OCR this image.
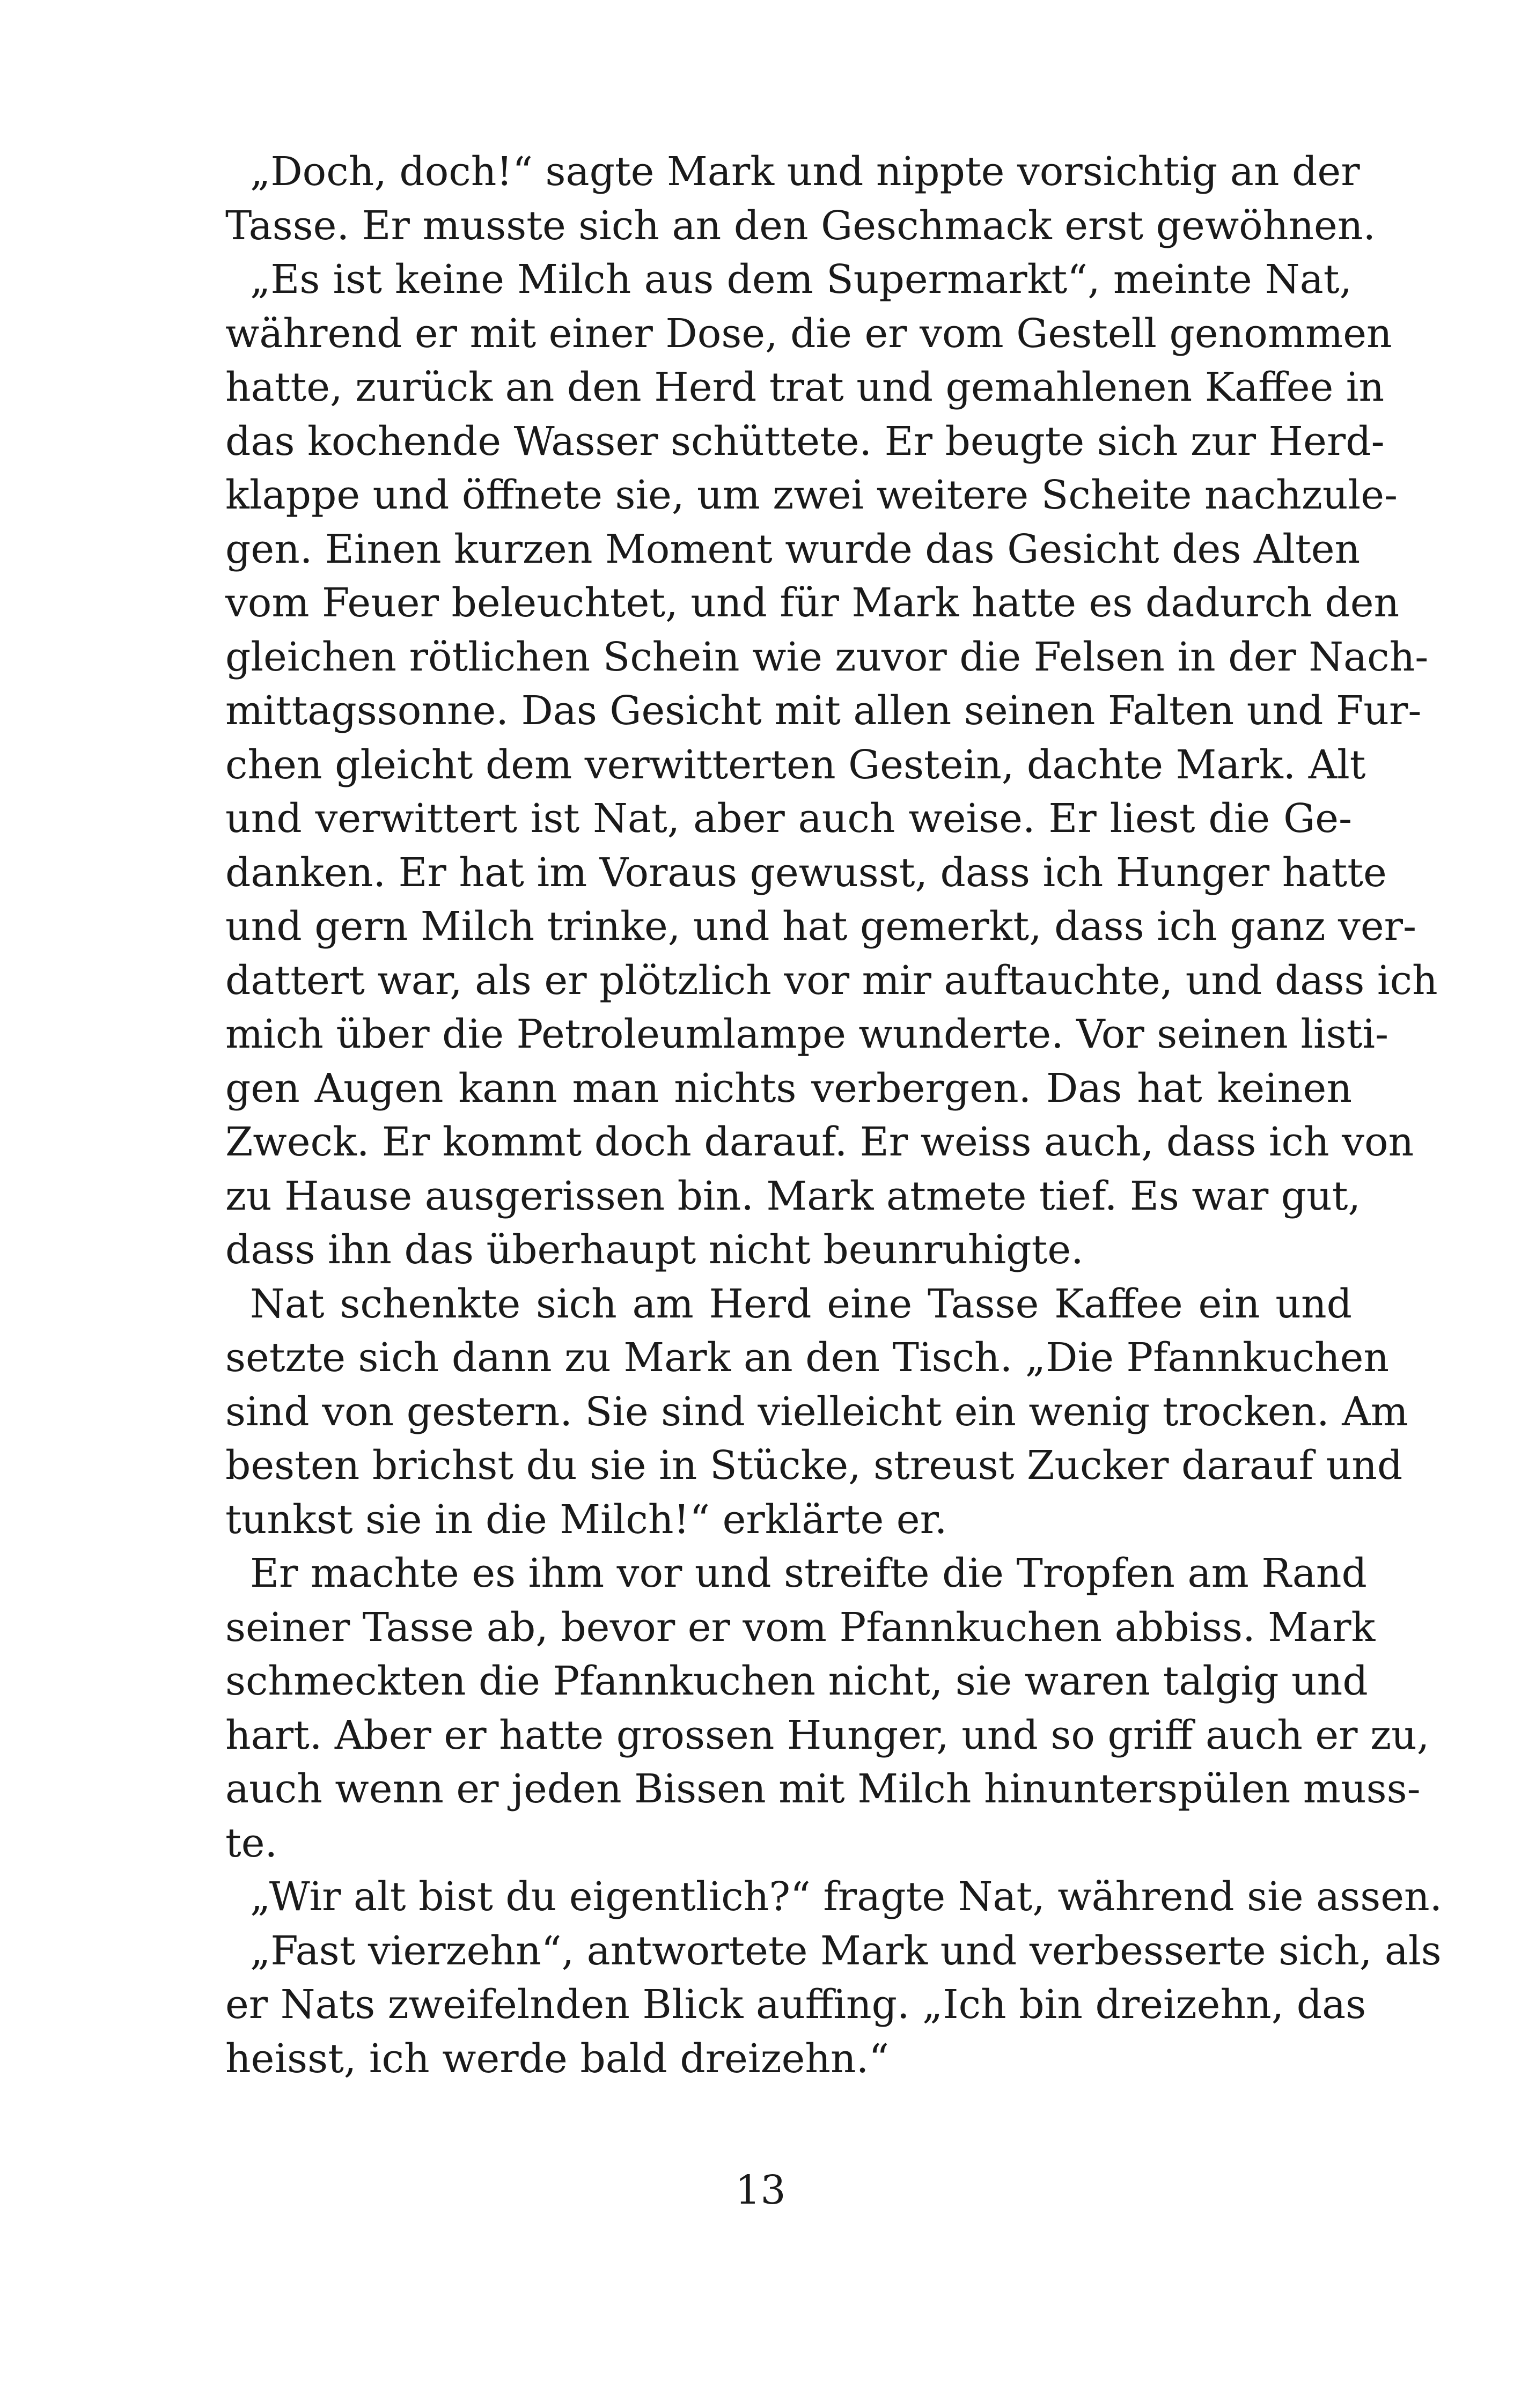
„Doch, doch!“ sagte Mark und nippte vorsichtig an der
Tasse. Er musste sich an den Geschmack erst gewöhnen.
„Es ist keine Milch aus dem Supermarkt“, meinte Nat,
während er mit einer Dose, die er vom Gestell genommen
hatte, zurück an den Herd trat und gemahlenen Kaffee in
das kochende Wasser schüttete. Er beugte sich zur Herd-
klappe und öffnete sie, um zwei weitere Scheite nachzule-
gen. Einen kurzen Moment wurde das Gesicht des Alten
vom Feuer beleuchtet, und für Mark hatte es dadurch den
gleichen rötlichen Schein wie zuvor die Felsen in der Nach-
mittagssonne. Das Gesicht mit allen seinen Falten und Fur-
chen gleicht dem verwitterten Gestein, dachte Mark. Alt
und verwittert ist Nat, aber auch weise. Er liest die Ge-
danken. Er hat im Voraus gewusst, dass ich Hunger hatte
und gern Milch trinke, und hat gemerkt, dass ich ganz ver-
dattert war, als er plötzlich vor mir auftauchte, und dass ich
mich über die Petroleumlampe wunderte. Vor seinen listi-
gen Augen kann man nichts verbergen. Das hat keinen
Zweck. Er kommt doch darauf. Er weiss auch, dass ich von
zu Hause ausgerissen bin. Mark atmete tief. Es war gut,
dass ihn das überhaupt nicht beunruhigte.
Nat schenkte sich am Herd eine Tasse Kaffee ein und
setzte sich dann zu Mark an den Tisch. „Die Pfannkuchen
sind von gestern. Sie sind vielleicht ein wenig trocken. Am
besten brichst du sie in Stücke, streust Zucker darauf und
tunkst sie in die Milch!“ erklärte er.
Er machte es ihm vor und streifte die Tropfen am Rand
seiner Tasse ab, bevor er vom Pfannkuchen abbiss. Mark
schmeckten die Pfannkuchen nicht, sie waren talgig und
hart. Aber er hatte grossen Hunger, und so griff auch er zu,
auch wenn er jeden Bissen mit Milch hinunterspülen muss-
te.
„Wir alt bist du eigentlich?“ fragte Nat, während sie assen.
„Fast vierzehn“, antwortete Mark und verbesserte sich, als
er Nats zweifelnden Blick auffing. „Ich bin dreizehn, das
heisst, ich werde bald dreizehn.“
13
